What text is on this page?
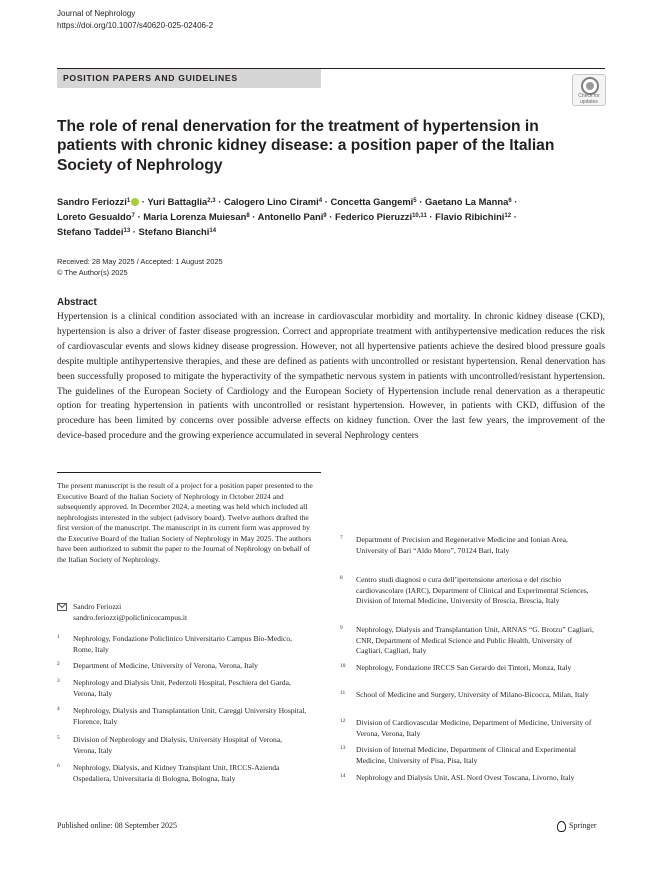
Journal of Nephrology
https://doi.org/10.1007/s40620-025-02406-2
POSITION PAPERS AND GUIDELINES
Check for
updates
The role of renal denervation for the treatment of hypertension in patients with chronic kidney disease: a position paper of the Italian Society of Nephrology
Sandro Feriozzi$^1$ · Yuri Battaglia$^{2,3}$ · Calogero Lino Cirami$^4$ · Concetta Gangemi$^5$ · Gaetano La Manna$^6$ ·
Loreto Gesualdo$^7$ · Maria Lorenza Muiesan$^8$ · Antonello Pani$^9$ · Federico Pieruzzi$^{10,11}$ · Flavio Ribichini$^{12}$ ·
Stefano Taddei$^{13}$ · Stefano Bianchi$^{14}$
Received: 28 May 2025 / Accepted: 1 August 2025
© The Author(s) 2025
Abstract
Hypertension is a clinical condition associated with an increase in cardiovascular morbidity and mortality. In chronic kidney disease (CKD), hypertension is also a driver of faster disease progression. Correct and appropriate treatment with antihypertensive medication reduces the risk of cardiovascular events and slows kidney disease progression. However, not all hypertensive patients achieve the desired blood pressure goals despite multiple antihypertensive therapies, and these are defined as patients with uncontrolled or resistant hypertension. Renal denervation has been successfully proposed to mitigate the hyperactivity of the sympathetic nervous system in patients with uncontrolled/resistant hypertension. The guidelines of the European Society of Cardiology and the European Society of Hypertension include renal denervation as a therapeutic option for treating hypertension in patients with uncontrolled or resistant hypertension. However, in patients with CKD, diffusion of the procedure has been limited by concerns over possible adverse effects on kidney function. Over the last few years, the improvement of the device-based procedure and the growing experience accumulated in several Nephrology centers
The present manuscript is the result of a project for a position paper presented to the Executive Board of the Italian Society of Nephrology in October 2024 and subsequently approved. In December 2024, a meeting was held which included all nephrologists interested in the subject (advisory board). Twelve authors drafted the first version of the manuscript. The manuscript in its current form was approved by the Executive Board of the Italian Society of Nephrology in May 2025. The authors have been authorized to submit the paper to the Journal of Nephrology on behalf of the Italian Society of Nephrology.
Sandro Feriozzi
sandro.feriozzi@policlinicocampus.it
1 Nephrology, Fondazione Policlinico Universitario Campus Bio-Medico, Rome, Italy
2 Department of Medicine, University of Verona, Verona, Italy
3 Nephrology and Dialysis Unit, Pederzoli Hospital, Peschiera del Garda, Verona, Italy
4 Nephrology, Dialysis and Transplantation Unit, Careggi University Hospital, Florence, Italy
5 Division of Nephrology and Dialysis, University Hospital of Verona, Verona, Italy
6 Nephrology, Dialysis, and Kidney Transplant Unit, IRCCS-Azienda Ospedaliera, Universitaria di Bologna, Bologna, Italy
7 Department of Precision and Regenerative Medicine and Ionian Area, University of Bari “Aldo Moro”, 70124 Bari, Italy
8 Centro studi diagnosi e cura dell’ipertensione arteriosa e del rischio cardiovascolare (IARC), Department of Clinical and Experimental Sciences, Division of Internal Medicine, University of Brescia, Brescia, Italy
9 Nephrology, Dialysis and Transplantation Unit, ARNAS “G. Brotzu” Cagliari, CNR, Department of Medical Science and Public Health, University of Cagliari, Cagliari, Italy
10 Nephrology, Fondazione IRCCS San Gerardo dei Tintori, Monza, Italy
11 School of Medicine and Surgery, University of Milano-Bicocca, Milan, Italy
12 Division of Cardiovascular Medicine, Department of Medicine, University of Verona, Verona, Italy
13 Division of Internal Medicine, Department of Clinical and Experimental Medicine, University of Pisa, Pisa, Italy
14 Nephrology and Dialysis Unit, ASL Nord Ovest Toscana, Livorno, Italy
Published online: 08 September 2025	Springer
